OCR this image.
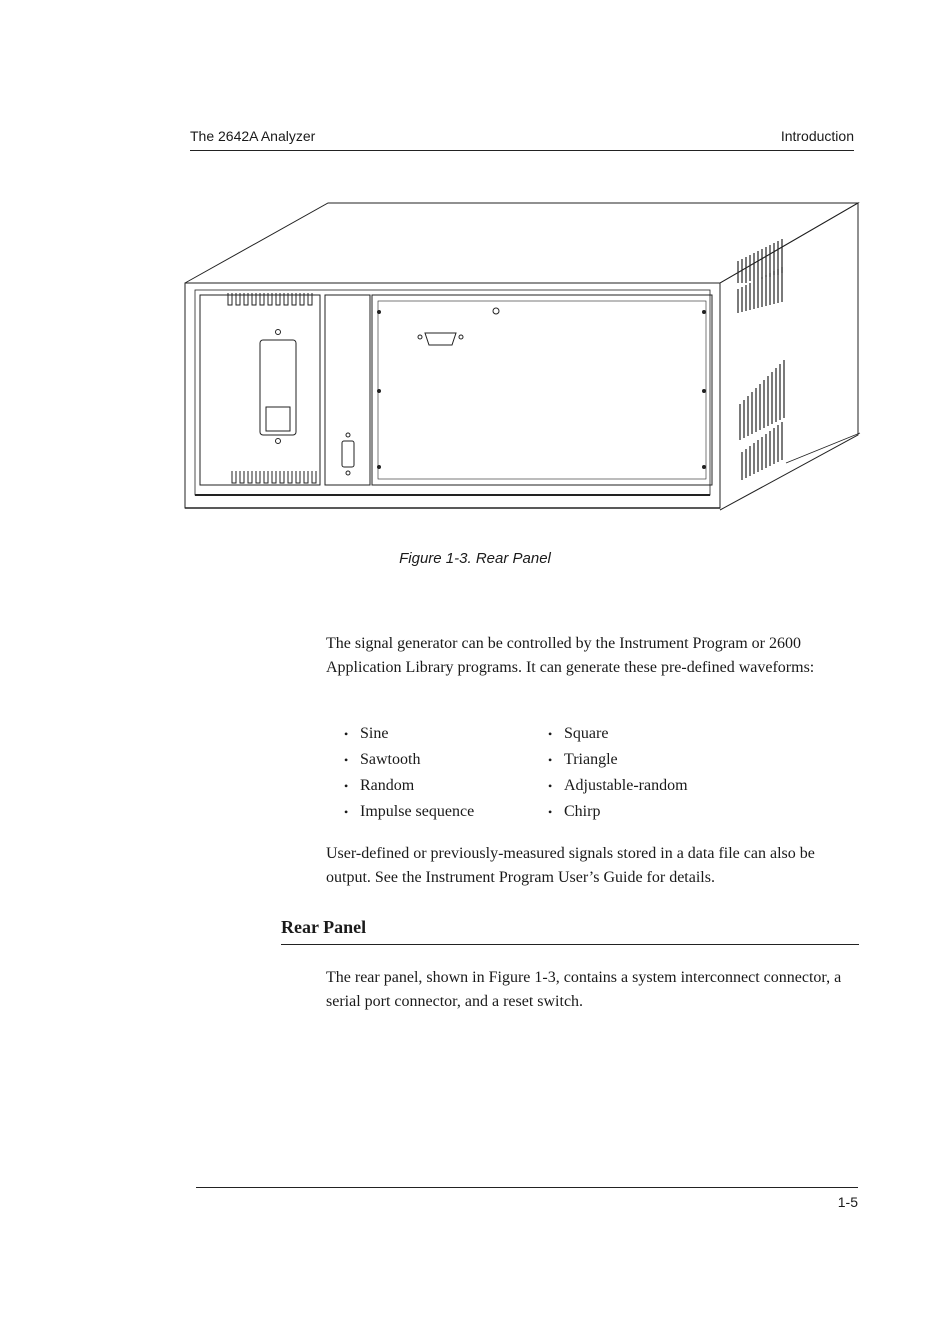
The 2642A Analyzer	Introduction
Figure 1-3. Rear Panel
The signal generator can be controlled by the Instrument Program or 2600 Application Library programs. It can generate these pre-defined waveforms:
• Sine
• Sawtooth
• Random
• Impulse sequence
• Square
• Triangle
• Adjustable-random
• Chirp
User-defined or previously-measured signals stored in a data file can also be output. See the Instrument Program User’s Guide for details.
Rear Panel
The rear panel, shown in Figure 1-3, contains a system interconnect connector, a serial port connector, and a reset switch.
1-5
